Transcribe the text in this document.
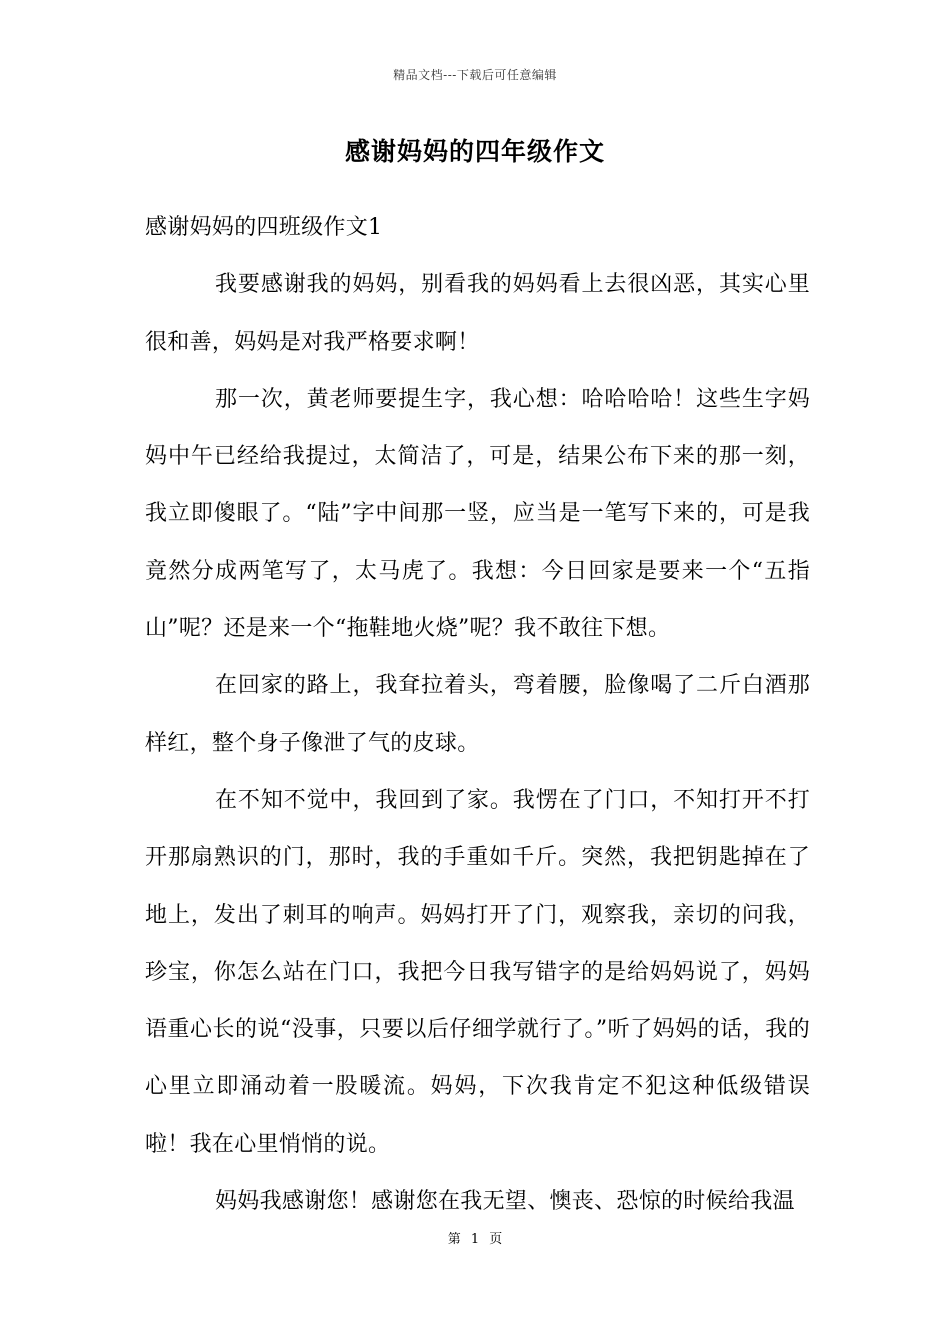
精品文档---下载后可任意编辑
感谢妈妈的四年级作文

感谢妈妈的四班级作文1

我要感谢我的妈妈，别看我的妈妈看上去很凶恶，其实心里很和善，妈妈是对我严格要求啊！

那一次，黄老师要提生字，我心想：哈哈哈哈！这些生字妈妈中午已经给我提过，太简洁了，可是，结果公布下来的那一刻，我立即傻眼了。“陆”字中间那一竖，应当是一笔写下来的，可是我竟然分成两笔写了，太马虎了。我想：今日回家是要来一个“五指山”呢？还是来一个“拖鞋地火烧”呢？我不敢往下想。

在回家的路上，我耷拉着头，弯着腰，脸像喝了二斤白酒那样红，整个身子像泄了气的皮球。

在不知不觉中，我回到了家。我愣在了门口，不知打开不打开那扇熟识的门，那时，我的手重如千斤。突然，我把钥匙掉在了地上，发出了刺耳的响声。妈妈打开了门，观察我，亲切的问我，珍宝，你怎么站在门口，我把今日我写错字的是给妈妈说了，妈妈语重心长的说“没事，只要以后仔细学就行了。”听了妈妈的话，我的心里立即涌动着一股暖流。妈妈，下次我肯定不犯这种低级错误啦！我在心里悄悄的说。

妈妈我感谢您！感谢您在我无望、懊丧、恐惊的时候给我温

第 1 页
